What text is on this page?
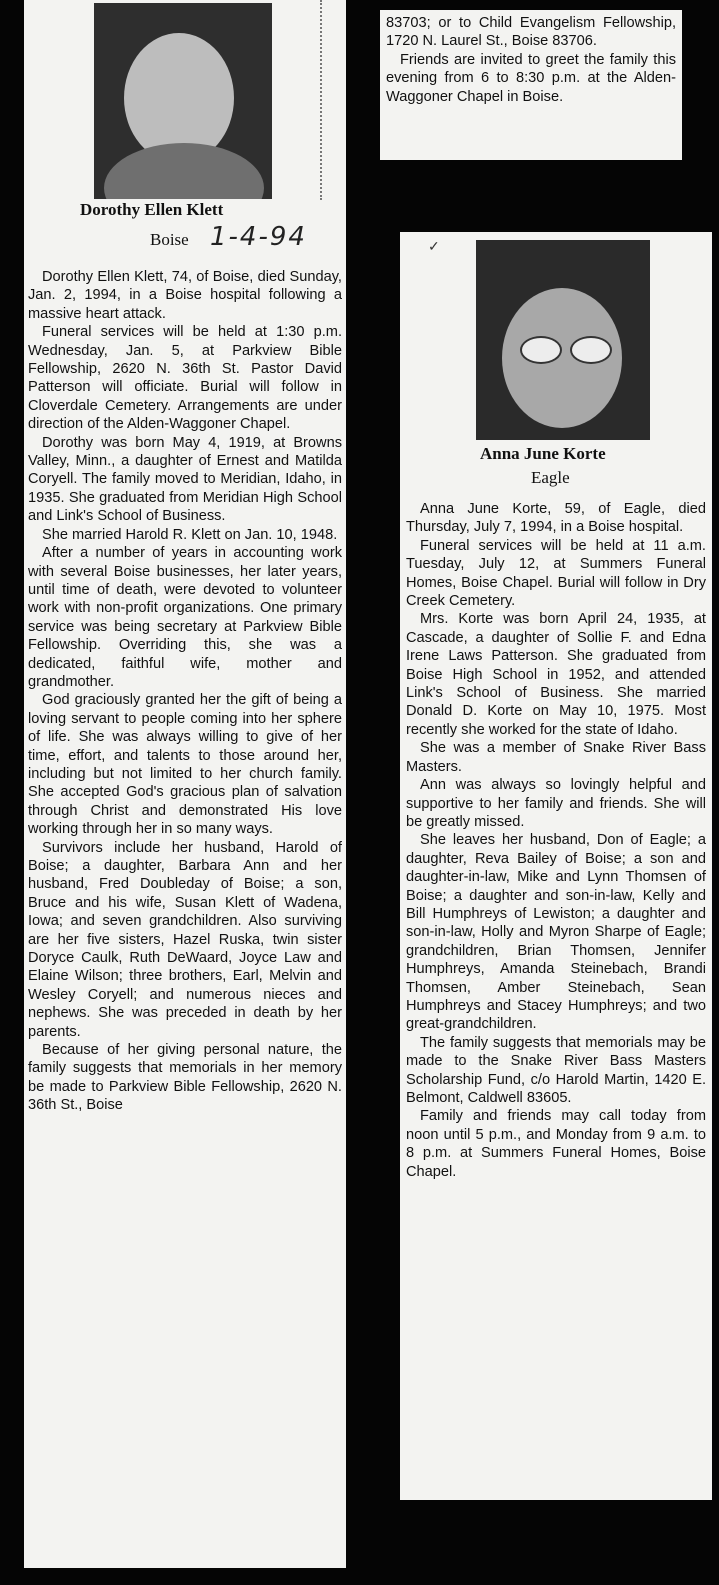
Dorothy Ellen Klett
Boise 1-4-94

Dorothy Ellen Klett, 74, of Boise, died Sunday, Jan. 2, 1994, in a Boise hospital following a massive heart attack.

Funeral services will be held at 1:30 p.m. Wednesday, Jan. 5, at Parkview Bible Fellowship, 2620 N. 36th St. Pastor David Patterson will officiate. Burial will follow in Cloverdale Cemetery. Arrangements are under direction of the Alden-Waggoner Chapel.

Dorothy was born May 4, 1919, at Browns Valley, Minn., a daughter of Ernest and Matilda Coryell. The family moved to Meridian, Idaho, in 1935. She graduated from Meridian High School and Link's School of Business.

She married Harold R. Klett on Jan. 10, 1948.

After a number of years in accounting work with several Boise businesses, her later years, until time of death, were devoted to volunteer work with non-profit organizations. One primary service was being secretary at Parkview Bible Fellowship. Overriding this, she was a dedicated, faithful wife, mother and grandmother.

God graciously granted her the gift of being a loving servant to people coming into her sphere of life. She was always willing to give of her time, effort, and talents to those around her, including but not limited to her church family. She accepted God's gracious plan of salvation through Christ and demonstrated His love working through her in so many ways.

Survivors include her husband, Harold of Boise; a daughter, Barbara Ann and her husband, Fred Doubleday of Boise; a son, Bruce and his wife, Susan Klett of Wadena, Iowa; and seven grandchildren. Also surviving are her five sisters, Hazel Ruska, twin sister Doryce Caulk, Ruth DeWaard, Joyce Law and Elaine Wilson; three brothers, Earl, Melvin and Wesley Coryell; and numerous nieces and nephews. She was preceded in death by her parents.

Because of her giving personal nature, the family suggests that memorials in her memory be made to Parkview Bible Fellowship, 2620 N. 36th St., Boise

83703; or to Child Evangelism Fellowship, 1720 N. Laurel St., Boise 83706.

Friends are invited to greet the family this evening from 6 to 8:30 p.m. at the Alden-Waggoner Chapel in Boise.

✓
Anna June Korte
Eagle

Anna June Korte, 59, of Eagle, died Thursday, July 7, 1994, in a Boise hospital.

Funeral services will be held at 11 a.m. Tuesday, July 12, at Summers Funeral Homes, Boise Chapel. Burial will follow in Dry Creek Cemetery.

Mrs. Korte was born April 24, 1935, at Cascade, a daughter of Sollie F. and Edna Irene Laws Patterson. She graduated from Boise High School in 1952, and attended Link's School of Business. She married Donald D. Korte on May 10, 1975. Most recently she worked for the state of Idaho.

She was a member of Snake River Bass Masters.

Ann was always so lovingly helpful and supportive to her family and friends. She will be greatly missed.

She leaves her husband, Don of Eagle; a daughter, Reva Bailey of Boise; a son and daughter-in-law, Mike and Lynn Thomsen of Boise; a daughter and son-in-law, Kelly and Bill Humphreys of Lewiston; a daughter and son-in-law, Holly and Myron Sharpe of Eagle; grandchildren, Brian Thomsen, Jennifer Humphreys, Amanda Steinebach, Brandi Thomsen, Amber Steinebach, Sean Humphreys and Stacey Humphreys; and two great-grandchildren.

The family suggests that memorials may be made to the Snake River Bass Masters Scholarship Fund, c/o Harold Martin, 1420 E. Belmont, Caldwell 83605.

Family and friends may call today from noon until 5 p.m., and Monday from 9 a.m. to 8 p.m. at Summers Funeral Homes, Boise Chapel.
